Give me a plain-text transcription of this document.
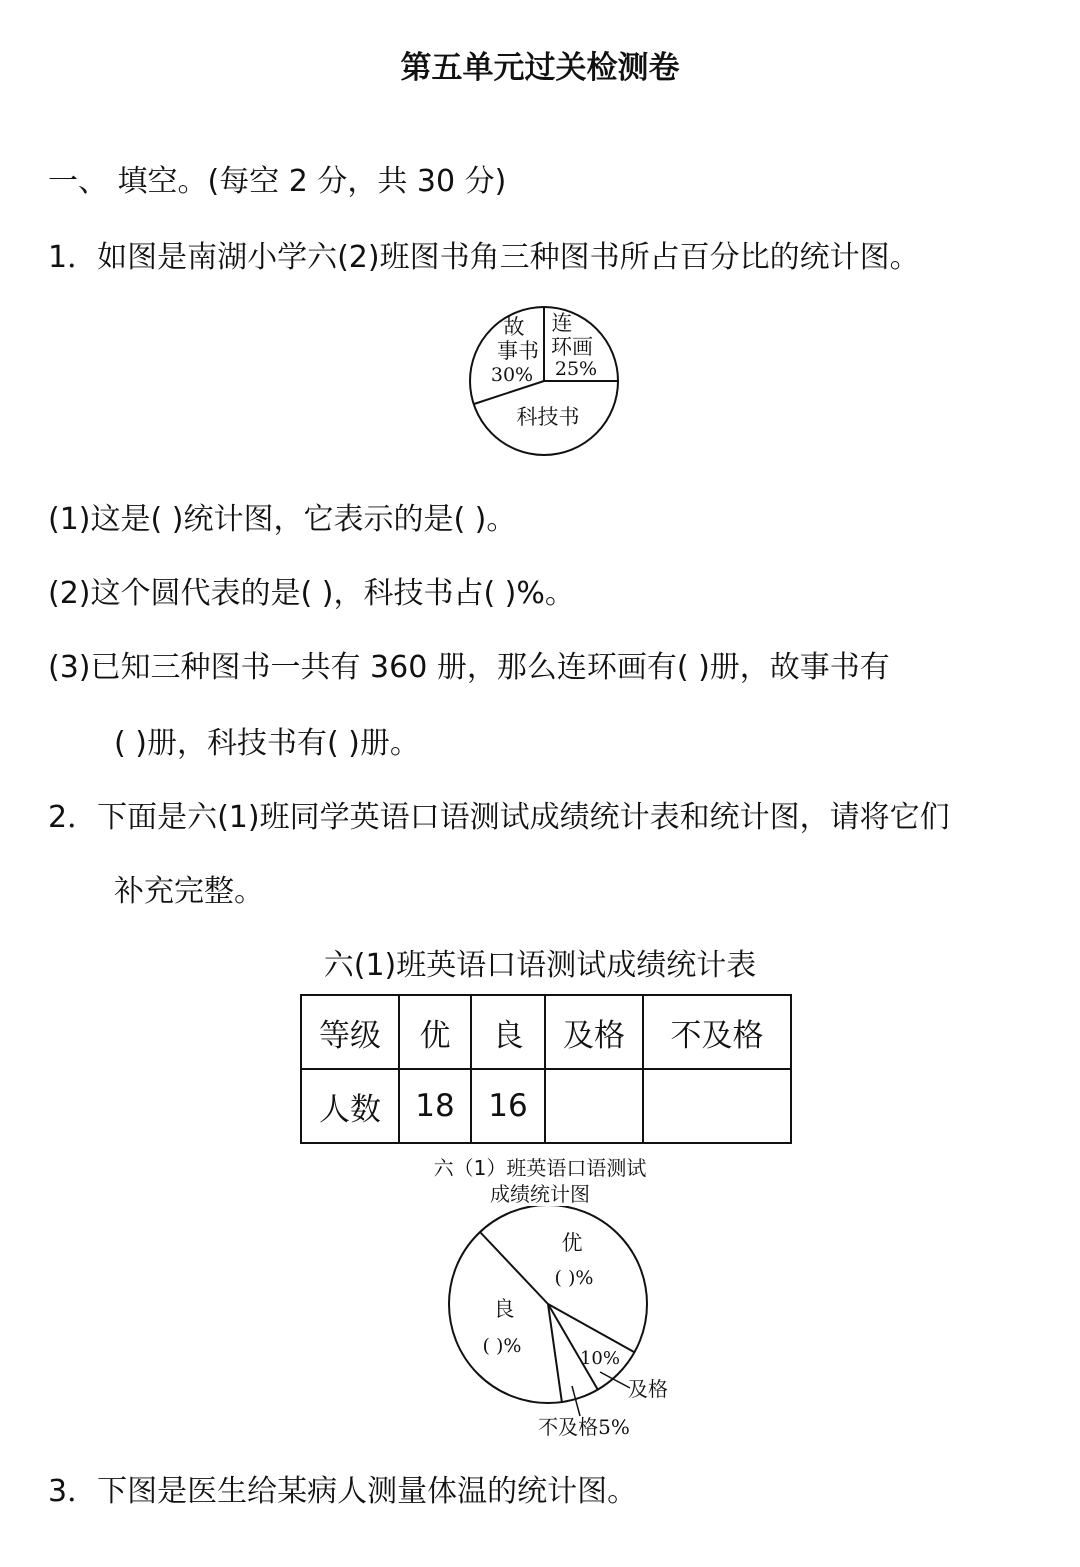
第五单元过关检测卷
一、 填空。(每空 2 分，共 30 分)
1．如图是南湖小学六(2)班图书角三种图书所占百分比的统计图。
故
事书
30%
连
环画
25%
科技书
(1)这是( )统计图，它表示的是( )。
(2)这个圆代表的是( )，科技书占( )%。
(3)已知三种图书一共有 360 册，那么连环画有( )册，故事书有
( )册，科技书有( )册。
2．下面是六(1)班同学英语口语测试成绩统计表和统计图，请将它们
补充完整。
六(1)班英语口语测试成绩统计表
等级	优	良	及格	不及格
人数	18	16		
六（1）班英语口语测试
成绩统计图
优
( )%
良
( )%
10%
及格
不及格5%
3．下图是医生给某病人测量体温的统计图。
